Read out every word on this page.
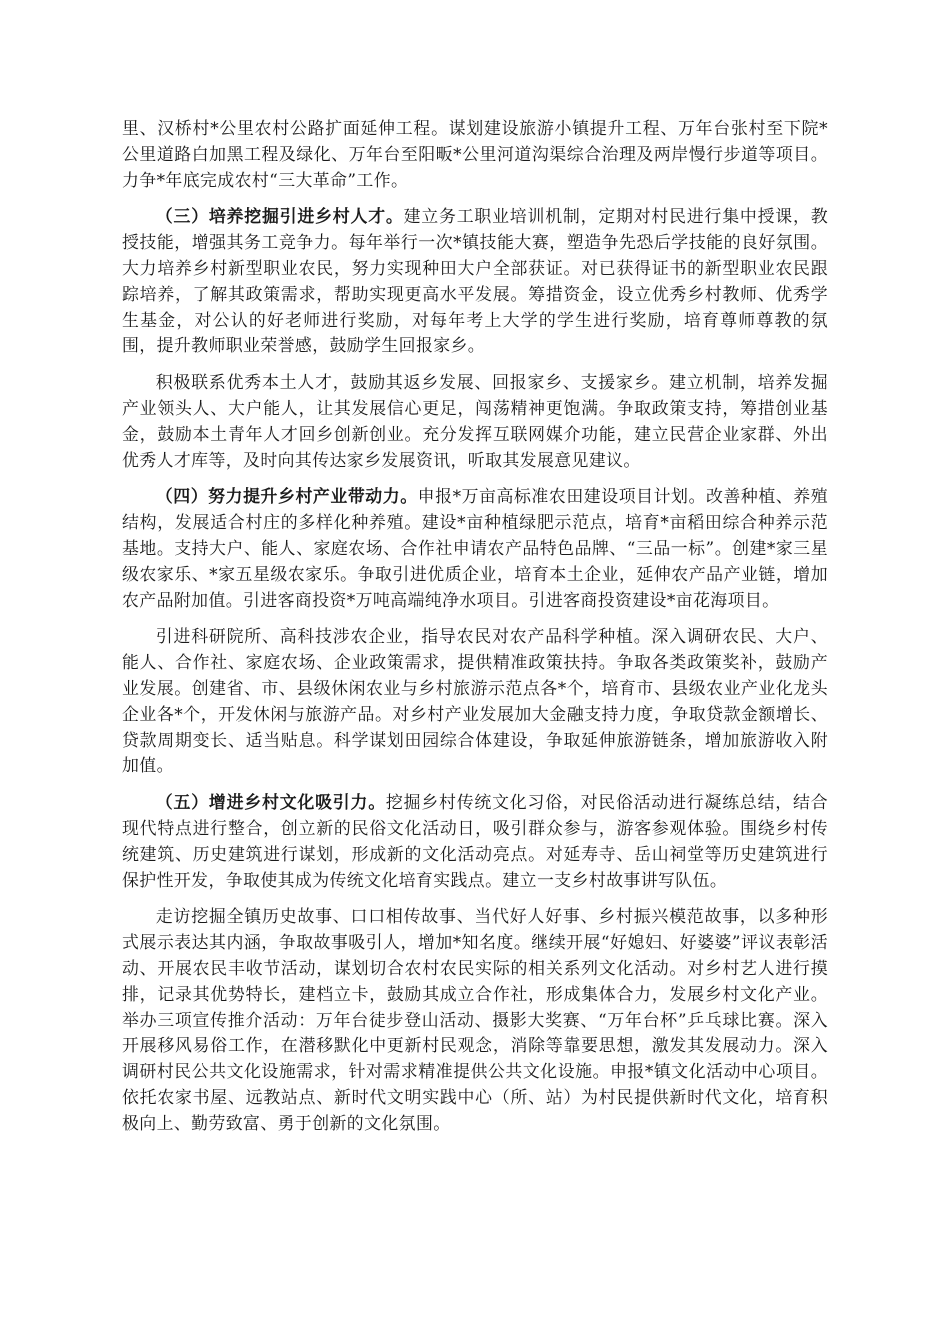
里、汉桥村*公里农村公路扩面延伸工程。谋划建设旅游小镇提升工程、万年台张村至下院*公里道路白加黑工程及绿化、万年台至阳畈*公里河道沟渠综合治理及两岸慢行步道等项目。力争*年底完成农村“三大革命”工作。

（三）培养挖掘引进乡村人才。建立务工职业培训机制，定期对村民进行集中授课，教授技能，增强其务工竞争力。每年举行一次*镇技能大赛，塑造争先恐后学技能的良好氛围。大力培养乡村新型职业农民，努力实现种田大户全部获证。对已获得证书的新型职业农民跟踪培养，了解其政策需求，帮助实现更高水平发展。筹措资金，设立优秀乡村教师、优秀学生基金，对公认的好老师进行奖励，对每年考上大学的学生进行奖励，培育尊师尊教的氛围，提升教师职业荣誉感，鼓励学生回报家乡。

积极联系优秀本土人才，鼓励其返乡发展、回报家乡、支援家乡。建立机制，培养发掘产业领头人、大户能人，让其发展信心更足，闯荡精神更饱满。争取政策支持，筹措创业基金，鼓励本土青年人才回乡创新创业。充分发挥互联网媒介功能，建立民营企业家群、外出优秀人才库等，及时向其传达家乡发展资讯，听取其发展意见建议。

（四）努力提升乡村产业带动力。申报*万亩高标准农田建设项目计划。改善种植、养殖结构，发展适合村庄的多样化种养殖。建设*亩种植绿肥示范点，培育*亩稻田综合种养示范基地。支持大户、能人、家庭农场、合作社申请农产品特色品牌、“三品一标”。创建*家三星级农家乐、*家五星级农家乐。争取引进优质企业，培育本土企业，延伸农产品产业链，增加农产品附加值。引进客商投资*万吨高端纯净水项目。引进客商投资建设*亩花海项目。

引进科研院所、高科技涉农企业，指导农民对农产品科学种植。深入调研农民、大户、能人、合作社、家庭农场、企业政策需求，提供精准政策扶持。争取各类政策奖补，鼓励产业发展。创建省、市、县级休闲农业与乡村旅游示范点各*个，培育市、县级农业产业化龙头企业各*个，开发休闲与旅游产品。对乡村产业发展加大金融支持力度，争取贷款金额增长、贷款周期变长、适当贴息。科学谋划田园综合体建设，争取延伸旅游链条，增加旅游收入附加值。

（五）增进乡村文化吸引力。挖掘乡村传统文化习俗，对民俗活动进行凝练总结，结合现代特点进行整合，创立新的民俗文化活动日，吸引群众参与，游客参观体验。围绕乡村传统建筑、历史建筑进行谋划，形成新的文化活动亮点。对延寿寺、岳山祠堂等历史建筑进行保护性开发，争取使其成为传统文化培育实践点。建立一支乡村故事讲写队伍。

走访挖掘全镇历史故事、口口相传故事、当代好人好事、乡村振兴模范故事，以多种形式展示表达其内涵，争取故事吸引人，增加*知名度。继续开展“好媳妇、好婆婆”评议表彰活动、开展农民丰收节活动，谋划切合农村农民实际的相关系列文化活动。对乡村艺人进行摸排，记录其优势特长，建档立卡，鼓励其成立合作社，形成集体合力，发展乡村文化产业。举办三项宣传推介活动：万年台徒步登山活动、摄影大奖赛、“万年台杯”乒乓球比赛。深入开展移风易俗工作，在潜移默化中更新村民观念，消除等靠要思想，激发其发展动力。深入调研村民公共文化设施需求，针对需求精准提供公共文化设施。申报*镇文化活动中心项目。依托农家书屋、远教站点、新时代文明实践中心（所、站）为村民提供新时代文化，培育积极向上、勤劳致富、勇于创新的文化氛围。
